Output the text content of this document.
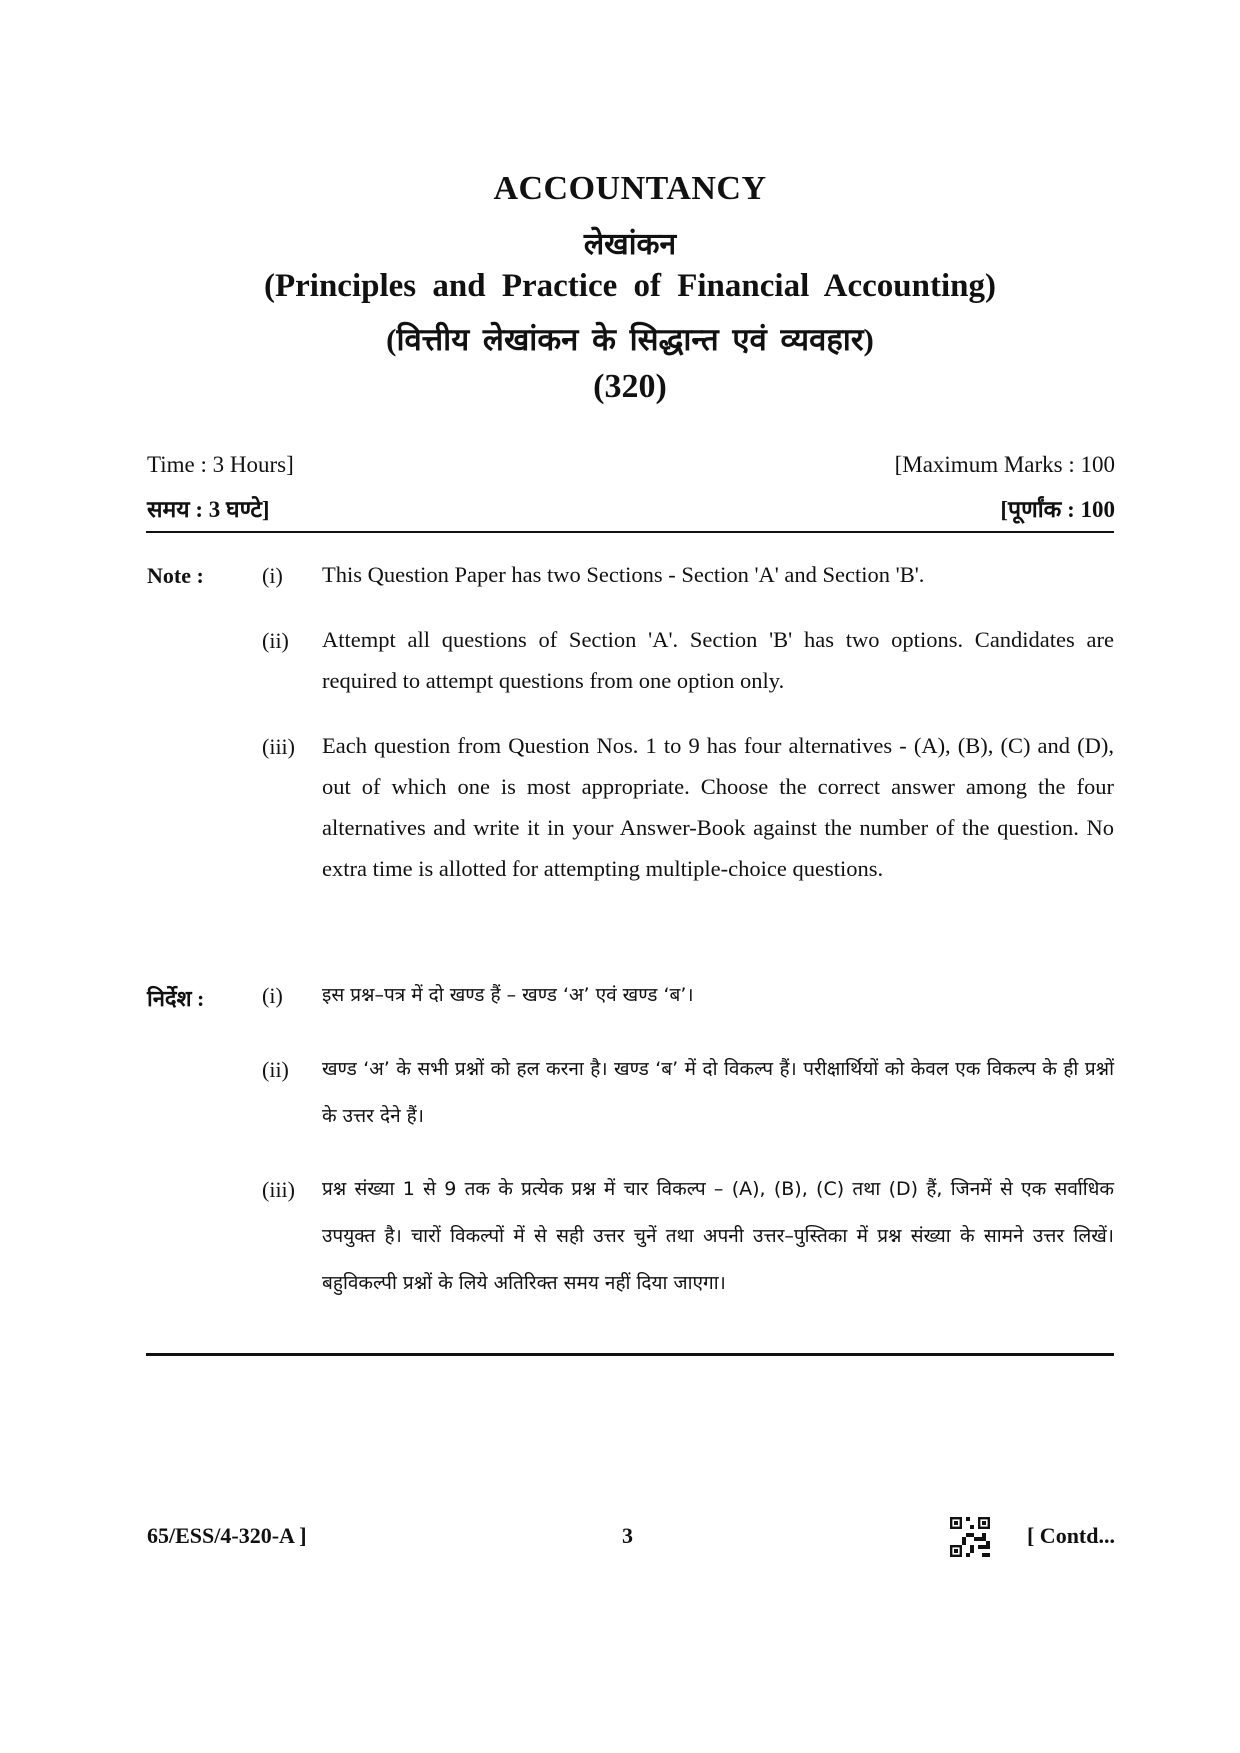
ACCOUNTANCY
लेखांकन
(Principles and Practice of Financial Accounting)
(वित्तीय लेखांकन के सिद्धान्त एवं व्यवहार)
(320)
Time : 3 Hours]	[Maximum Marks : 100
समय : 3 घण्टे]	[पूर्णांक : 100
Note :	(i) This Question Paper has two Sections - Section 'A' and Section 'B'.
(ii) Attempt all questions of Section 'A'. Section 'B' has two options. Candidates are required to attempt questions from one option only.
(iii) Each question from Question Nos. 1 to 9 has four alternatives - (A), (B), (C) and (D), out of which one is most appropriate. Choose the correct answer among the four alternatives and write it in your Answer-Book against the number of the question. No extra time is allotted for attempting multiple-choice questions.
निर्देश :	(i) इस प्रश्न–पत्र में दो खण्ड हैं – खण्ड ‘अ’ एवं खण्ड ‘ब’।
(ii) खण्ड ‘अ’ के सभी प्रश्नों को हल करना है। खण्ड ‘ब’ में दो विकल्प हैं। परीक्षार्थियों को केवल एक विकल्प के ही प्रश्नों के उत्तर देने हैं।
(iii) प्रश्न संख्या 1 से 9 तक के प्रत्येक प्रश्न में चार विकल्प – (A), (B), (C) तथा (D) हैं, जिनमें से एक सर्वाधिक उपयुक्त है। चारों विकल्पों में से सही उत्तर चुनें तथा अपनी उत्तर–पुस्तिका में प्रश्न संख्या के सामने उत्तर लिखें। बहुविकल्पी प्रश्नों के लिये अतिरिक्त समय नहीं दिया जाएगा।
65/ESS/4-320-A ]	3	[ Contd...
